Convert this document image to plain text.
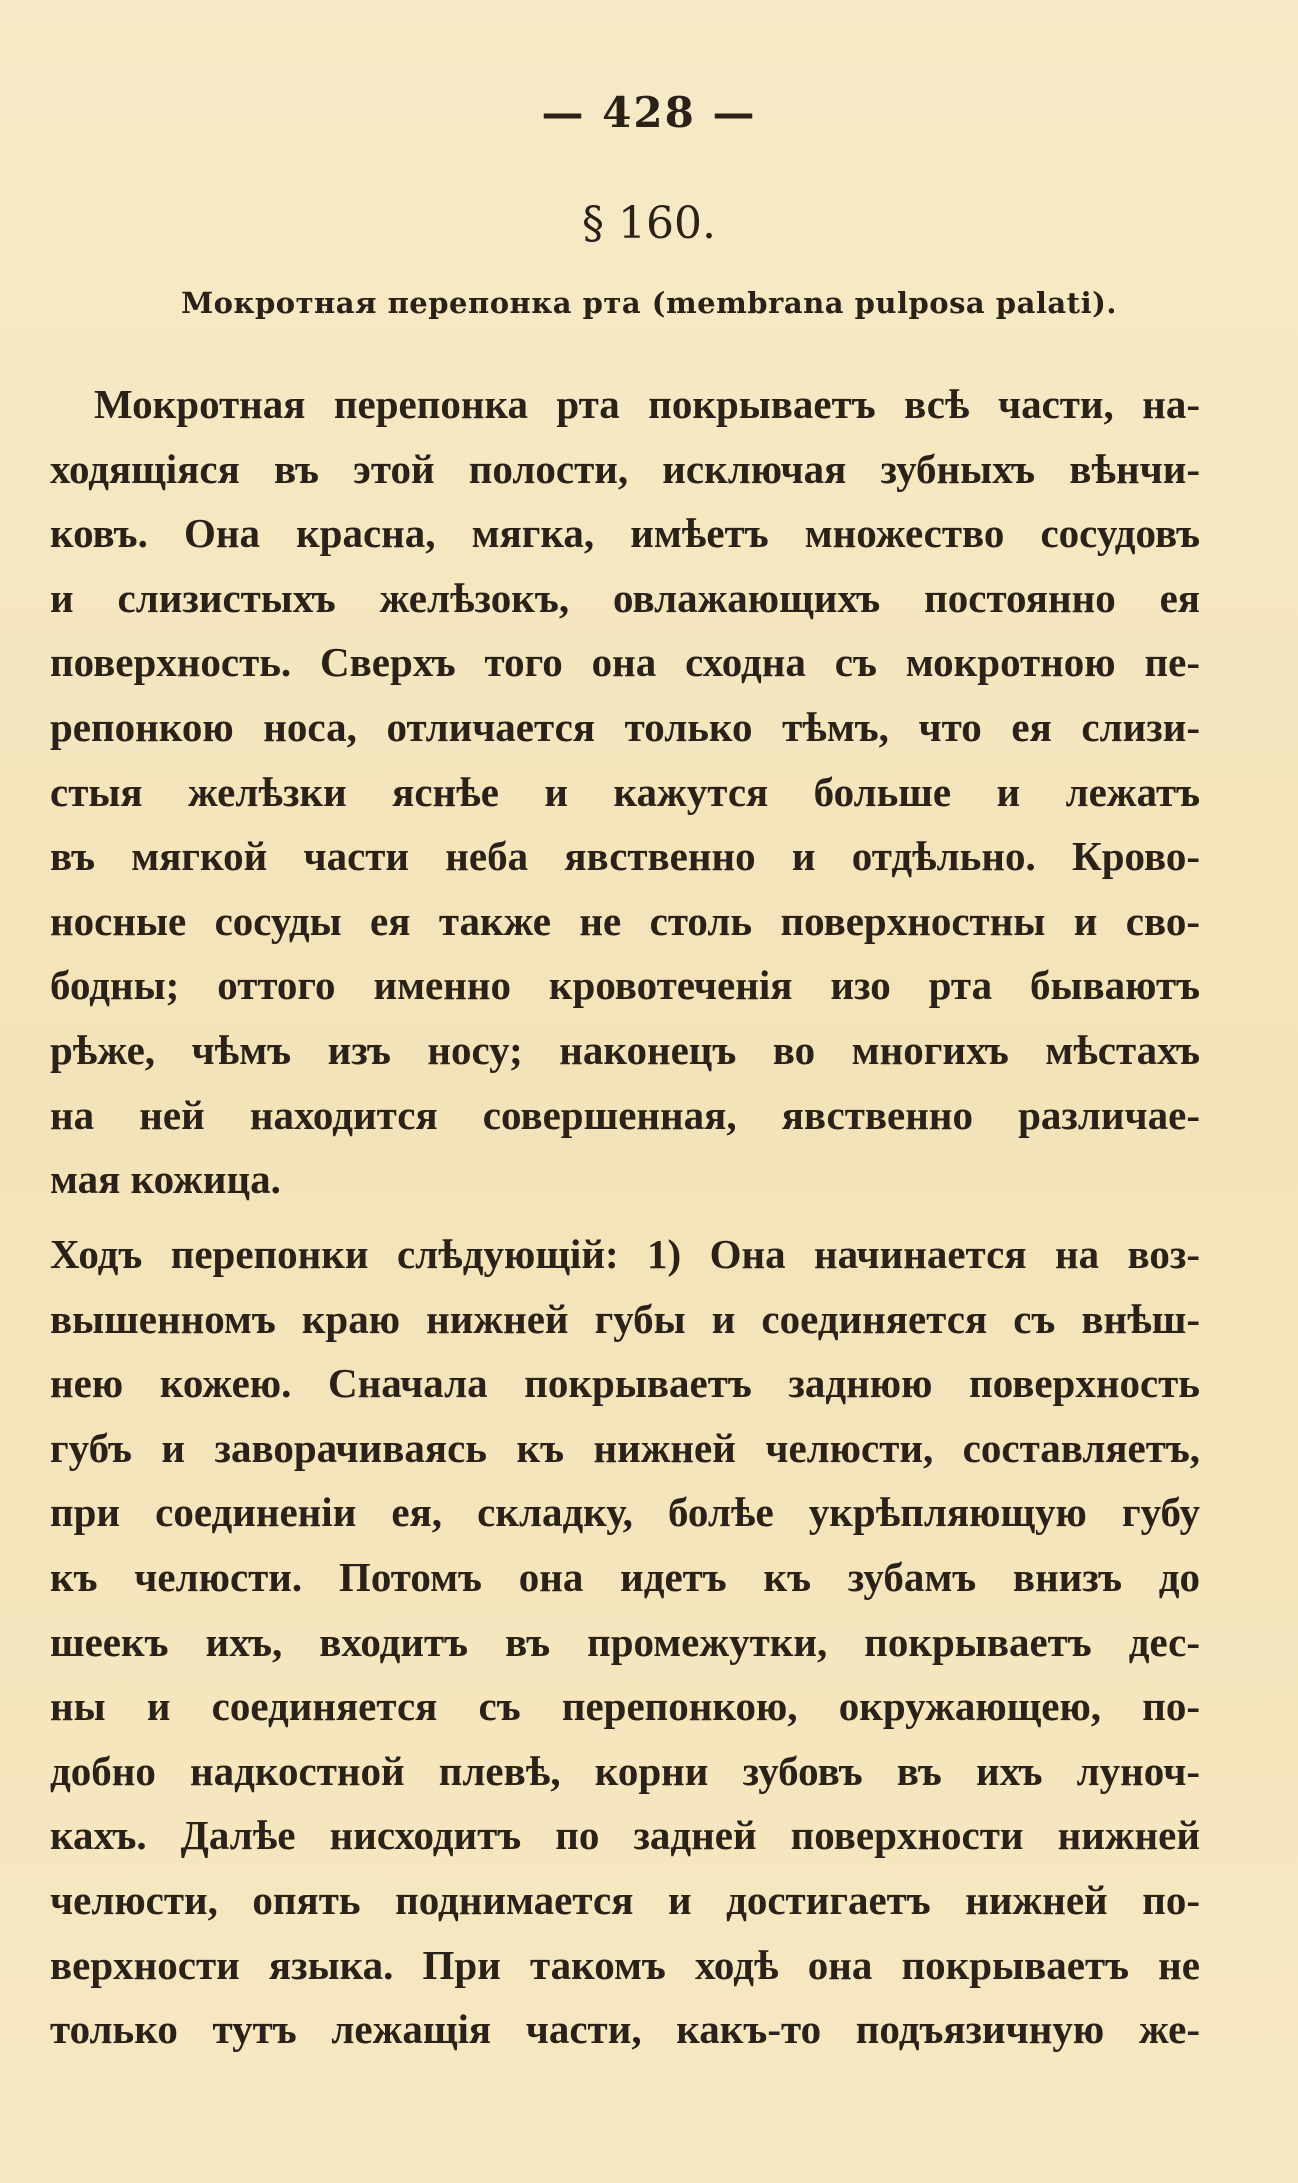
— 428 —
§ 160.
Мокротная перепонка рта (membrana pulposa palati).
Мокротная перепонка рта покрываетъ всѣ части, на-
ходящіяся въ этой полости, исключая зубныхъ вѣнчи-
ковъ. Она красна, мягка, имѣетъ множество сосудовъ
и слизистыхъ желѣзокъ, овлажающихъ постоянно ея
поверхность. Сверхъ того она сходна съ мокротною пе-
репонкою носа, отличается только тѣмъ, что ея слизи-
стыя желѣзки яснѣе и кажутся больше и лежатъ
въ мягкой части неба явственно и отдѣльно. Крово-
носные сосуды ея также не столь поверхностны и сво-
бодны; оттого именно кровотеченія изо рта бываютъ
рѣже, чѣмъ изъ носу; наконецъ во многихъ мѣстахъ
на ней находится совершенная, явственно различае-
мая кожица.
Ходъ перепонки слѣдующій: 1) Она начинается на воз-
вышенномъ краю нижней губы и соединяется съ внѣш-
нею кожею. Сначала покрываетъ заднюю поверхность
губъ и заворачиваясь къ нижней челюсти, составляетъ,
при соединеніи ея, складку, болѣе укрѣпляющую губу
къ челюсти. Потомъ она идетъ къ зубамъ внизъ до
шеекъ ихъ, входитъ въ промежутки, покрываетъ дес-
ны и соединяется съ перепонкою, окружающею, по-
добно надкостной плевѣ, корни зубовъ въ ихъ луноч-
кахъ. Далѣе нисходитъ по задней поверхности нижней
челюсти, опять поднимается и достигаетъ нижней по-
верхности языка. При такомъ ходѣ она покрываетъ не
только тутъ лежащія части, какъ-то подъязичную же-
